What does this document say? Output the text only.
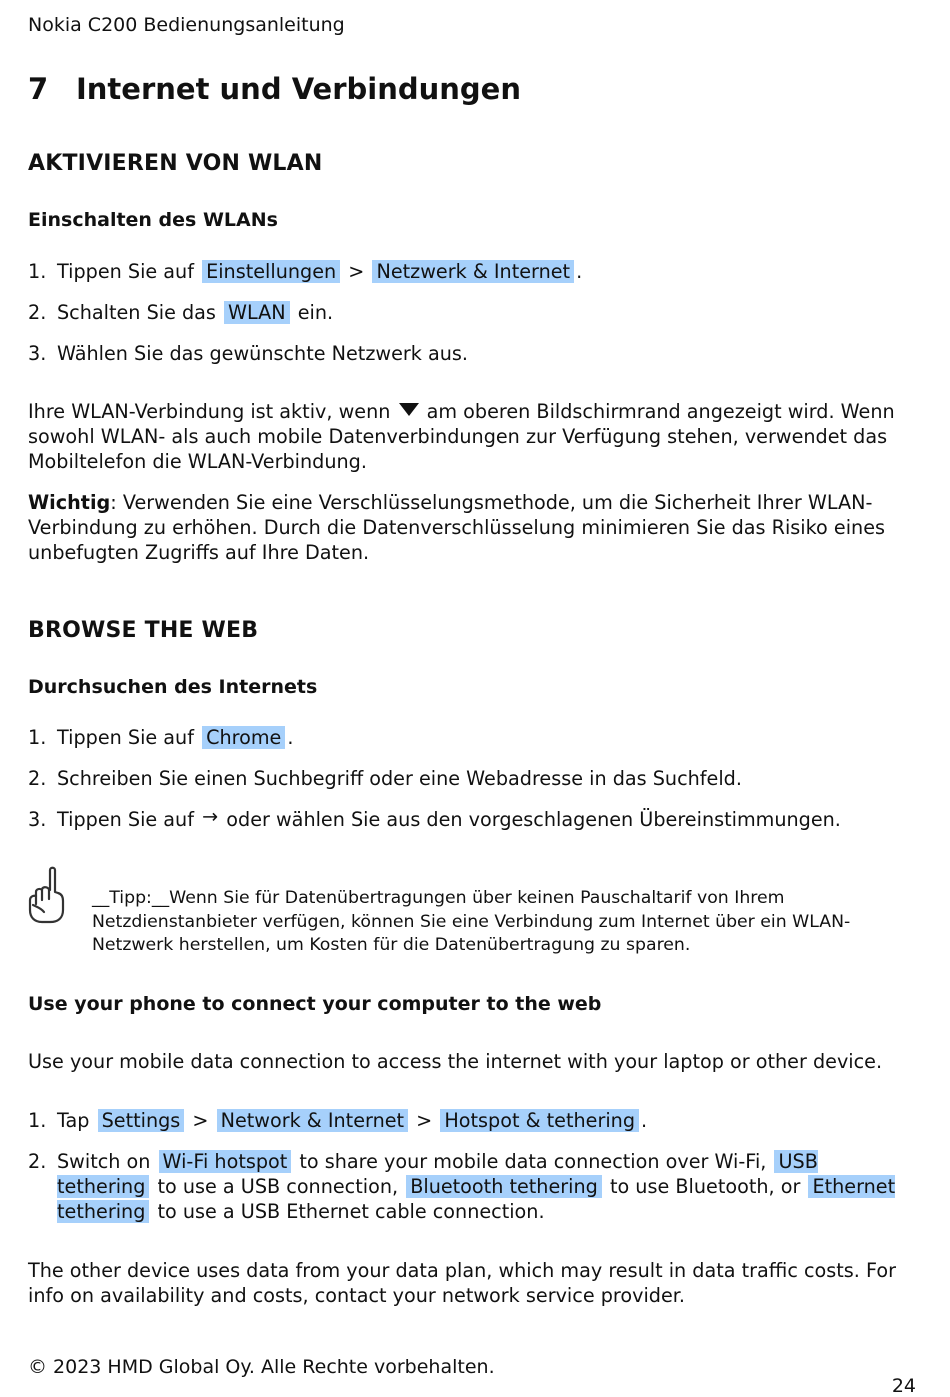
Nokia C200 Bedienungsanleitung

7 Internet und Verbindungen
AKTIVIEREN VON WLAN
Einschalten des WLANs
1. Tippen Sie auf Einstellungen > Netzwerk & Internet .
2. Schalten Sie das WLAN ein.
3. Wählen Sie das gewünschte Netzwerk aus.

Ihre WLAN-Verbindung ist aktiv, wenn am oberen Bildschirmrand angezeigt wird. Wenn sowohl WLAN- als auch mobile Datenverbindungen zur Verfügung stehen, verwendet das Mobiltelefon die WLAN-Verbindung.

Wichtig: Verwenden Sie eine Verschlüsselungsmethode, um die Sicherheit Ihrer WLAN-Verbindung zu erhöhen. Durch die Datenverschlüsselung minimieren Sie das Risiko eines unbefugten Zugriffs auf Ihre Daten.

BROWSE THE WEB
Durchsuchen des Internets
1. Tippen Sie auf Chrome .
2. Schreiben Sie einen Suchbegriff oder eine Webadresse in das Suchfeld.
3. Tippen Sie auf → oder wählen Sie aus den vorgeschlagenen Übereinstimmungen.

__Tipp:__Wenn Sie für Datenübertragungen über keinen Pauschaltarif von Ihrem Netzdienstanbieter verfügen, können Sie eine Verbindung zum Internet über ein WLAN-Netzwerk herstellen, um Kosten für die Datenübertragung zu sparen.

Use your phone to connect your computer to the web

Use your mobile data connection to access the internet with your laptop or other device.

1. Tap Settings > Network & Internet > Hotspot & tethering .
2. Switch on Wi-Fi hotspot to share your mobile data connection over Wi-Fi, USB tethering to use a USB connection, Bluetooth tethering to use Bluetooth, or Ethernet tethering to use a USB Ethernet cable connection.

The other device uses data from your data plan, which may result in data traffic costs. For info on availability and costs, contact your network service provider.

© 2023 HMD Global Oy. Alle Rechte vorbehalten.

24
